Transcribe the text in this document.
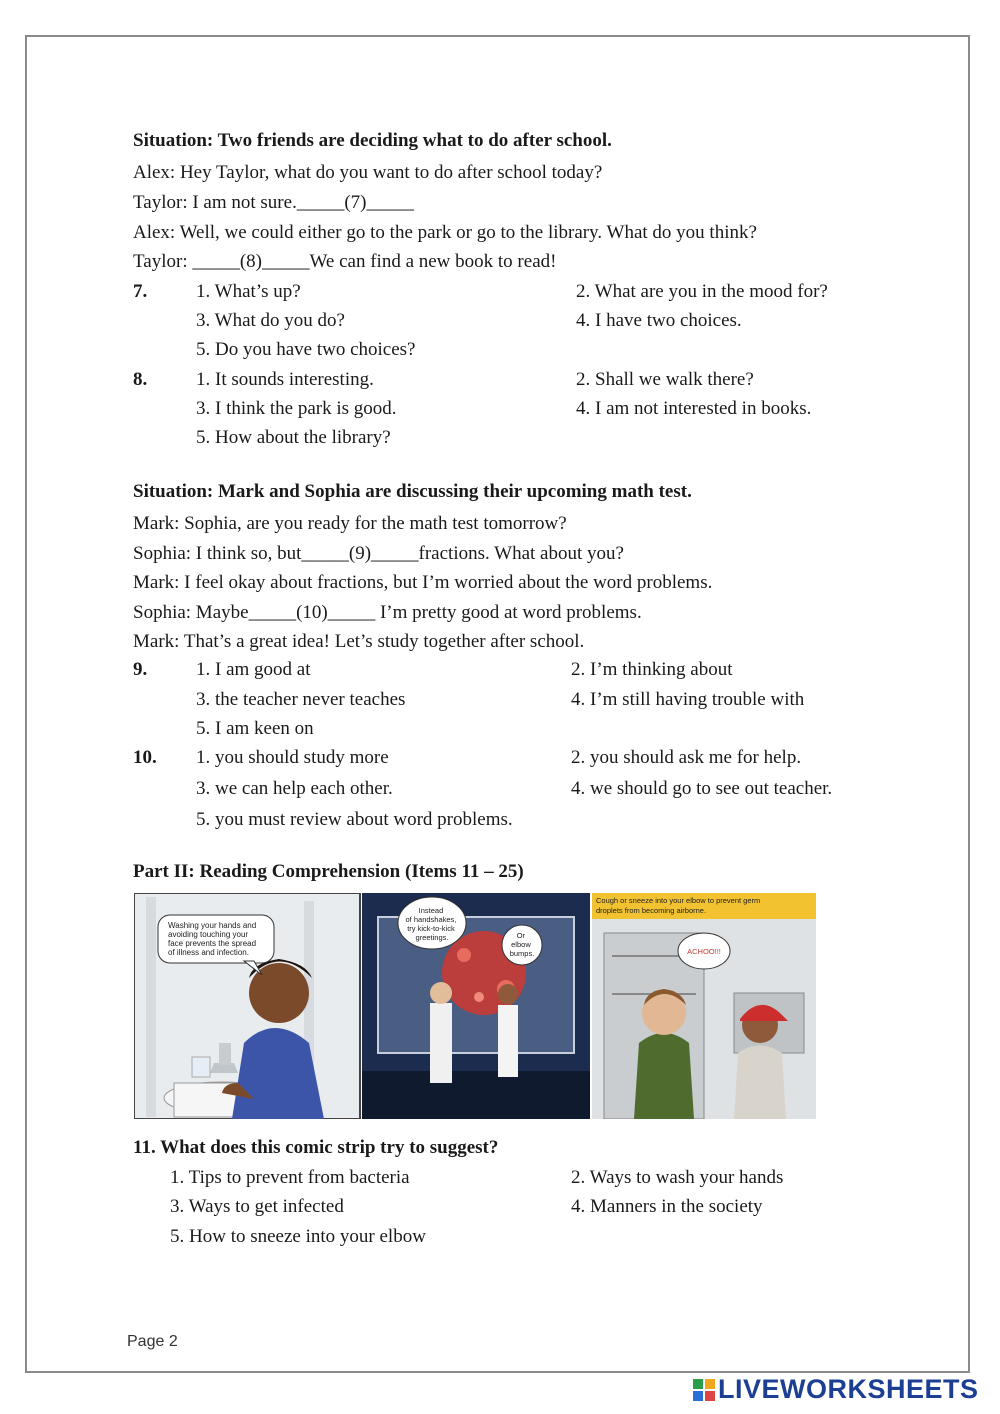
Situation: Two friends are deciding what to do after school.
Alex: Hey Taylor, what do you want to do after school today?
Taylor: I am not sure._____(7)_____
Alex: Well, we could either go to the park or go to the library. What do you think?
Taylor: _____(8)_____We can find a new book to read!
7.	1. What’s up?	2. What are you in the mood for?
3. What do you do?	4. I have two choices.
5. Do you have two choices?
8.	1. It sounds interesting.	2. Shall we walk there?
3. I think the park is good.	4. I am not interested in books.
5. How about the library?
Situation: Mark and Sophia are discussing their upcoming math test.
Mark: Sophia, are you ready for the math test tomorrow?
Sophia: I think so, but_____(9)_____fractions. What about you?
Mark: I feel okay about fractions, but I’m worried about the word problems.
Sophia: Maybe_____(10)_____ I’m pretty good at word problems.
Mark: That’s a great idea! Let’s study together after school.
9.	1. I am good at	2. I’m thinking about
3. the teacher never teaches	4. I’m still having trouble with
5. I am keen on
10. 1. you should study more	2. you should ask me for help.
3. we can help each other.	4. we should go to see out teacher.
5. you must review about word problems.
Part II: Reading Comprehension (Items 11 – 25)
Washing your hands and avoiding touching your face prevents the spread of illness and infection.
Instead of handshakes, try kick-to-kick greetings.	Or elbow bumps.
Cough or sneeze into your elbow to prevent germ droplets from becoming airborne.
ACHOO!!!
11. What does this comic strip try to suggest?
1. Tips to prevent from bacteria	2. Ways to wash your hands
3. Ways to get infected	4. Manners in the society
5. How to sneeze into your elbow
Page 2
LIVEWORKSHEETS
